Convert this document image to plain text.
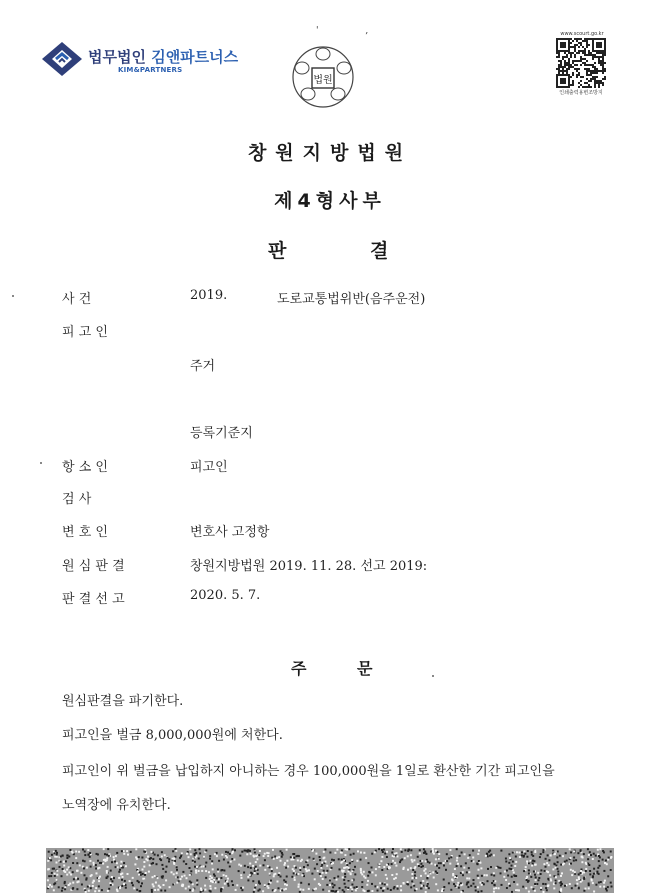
법무법인 김앤파트너스
KIM&PARTNERS
' ,
법원
www.scourt.go.kr
인쇄출력용변조방지
창원지방법원
제4형사부
판	결
사 건	2019.	도로교통법위반(음주운전)
피 고 인
주거
등록기준지
항 소 인	피고인
검 사
변 호 인	변호사 고정항
원 심 판 결	창원지방법원 2019. 11. 28. 선고 2019:
판 결 선 고	2020. 5. 7.
주	문
원심판결을 파기한다.
피고인을 벌금 8,000,000원에 처한다.
피고인이 위 벌금을 납입하지 아니하는 경우 100,000원을 1일로 환산한 기간 피고인을
노역장에 유치한다.
